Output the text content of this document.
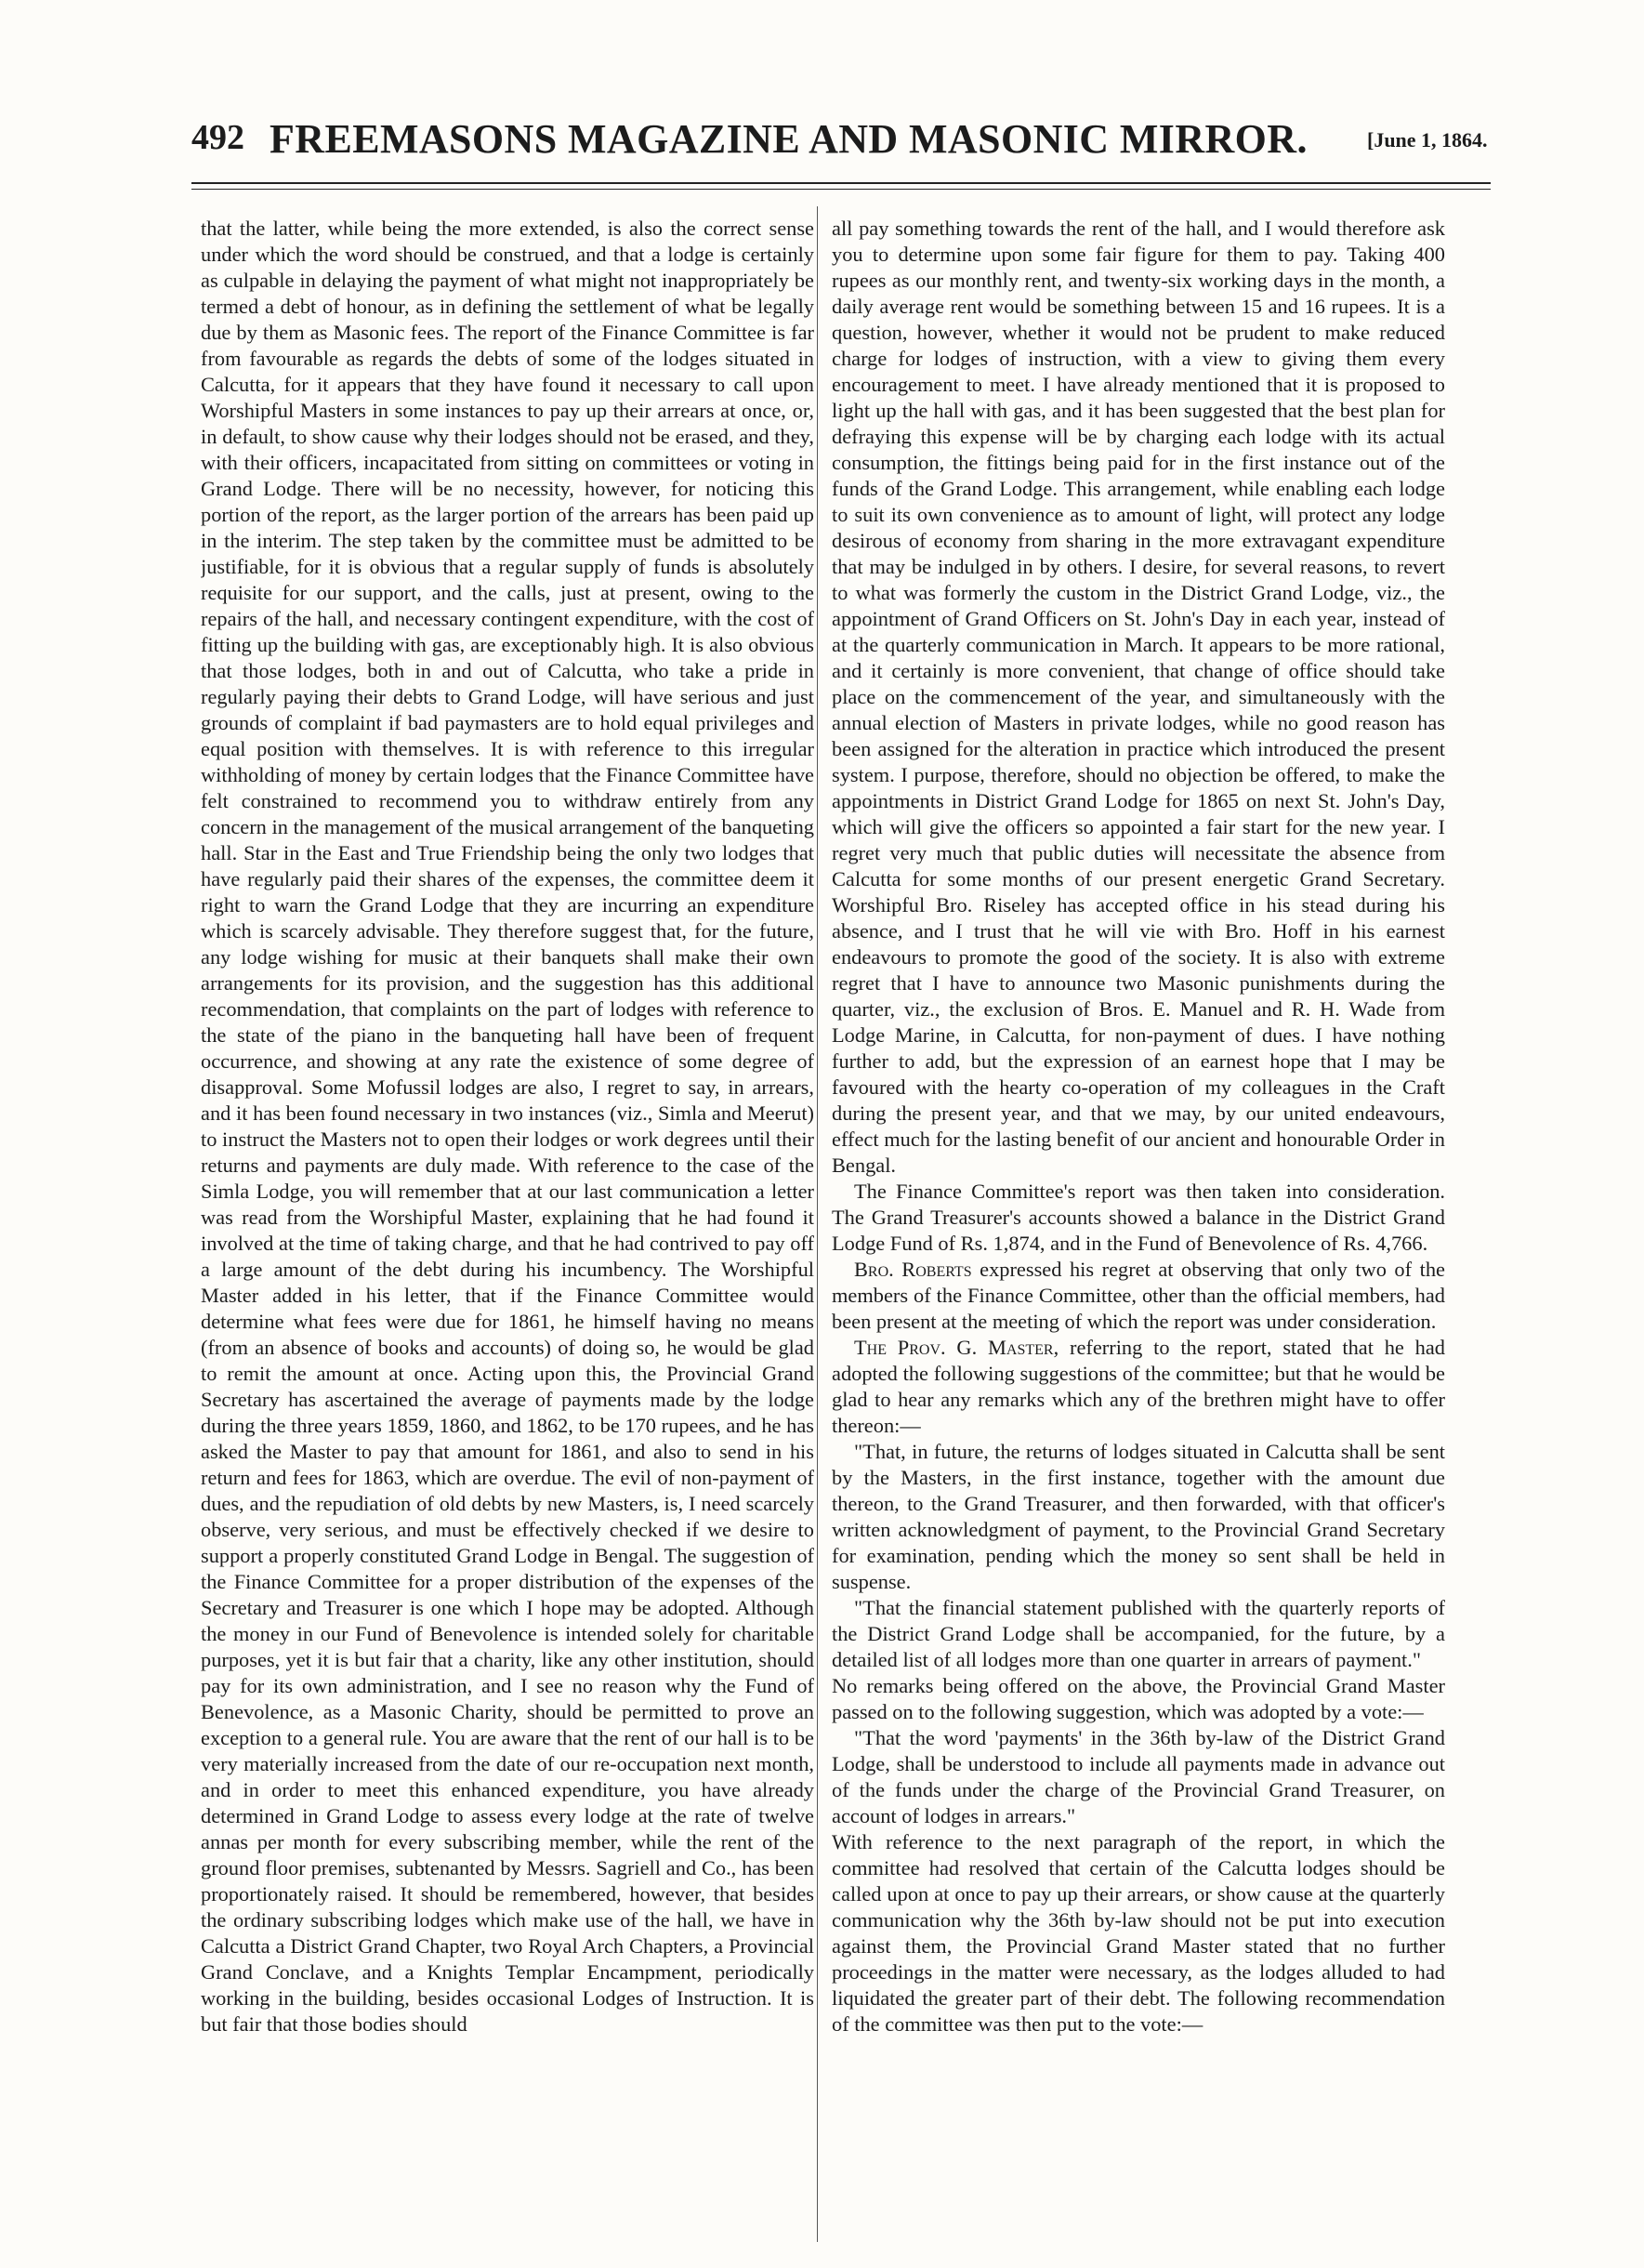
492 FREEMASONS MAGAZINE AND MASONIC MIRROR.	[June 1, 1864.

that the latter, while being the more extended, is also the correct sense under which the word should be construed, and that a lodge is certainly as culpable in delaying the payment of what might not inappropriately be termed a debt of honour, as in defining the settlement of what be legally due by them as Masonic fees. The report of the Finance Committee is far from favourable as regards the debts of some of the lodges situated in Calcutta, for it appears that they have found it necessary to call upon Worshipful Masters in some instances to pay up their arrears at once, or, in default, to show cause why their lodges should not be erased, and they, with their officers, incapacitated from sitting on committees or voting in Grand Lodge. There will be no necessity, however, for noticing this portion of the report, as the larger portion of the arrears has been paid up in the interim. The step taken by the committee must be admitted to be justifiable, for it is obvious that a regular supply of funds is absolutely requisite for our support, and the calls, just at present, owing to the repairs of the hall, and necessary contingent expenditure, with the cost of fitting up the building with gas, are exceptionably high. It is also obvious that those lodges, both in and out of Calcutta, who take a pride in regularly paying their debts to Grand Lodge, will have serious and just grounds of complaint if bad paymasters are to hold equal privileges and equal position with themselves. It is with reference to this irregular withholding of money by certain lodges that the Finance Committee have felt constrained to recommend you to withdraw entirely from any concern in the management of the musical arrangement of the banqueting hall. Star in the East and True Friendship being the only two lodges that have regularly paid their shares of the expenses, the committee deem it right to warn the Grand Lodge that they are incurring an expenditure which is scarcely advisable. They therefore suggest that, for the future, any lodge wishing for music at their banquets shall make their own arrangements for its provision, and the suggestion has this additional recommendation, that complaints on the part of lodges with reference to the state of the piano in the banqueting hall have been of frequent occurrence, and showing at any rate the existence of some degree of disapproval. Some Mofussil lodges are also, I regret to say, in arrears, and it has been found necessary in two instances (viz., Simla and Meerut) to instruct the Masters not to open their lodges or work degrees until their returns and payments are duly made. With reference to the case of the Simla Lodge, you will remember that at our last communication a letter was read from the Worshipful Master, explaining that he had found it involved at the time of taking charge, and that he had contrived to pay off a large amount of the debt during his incumbency. The Worshipful Master added in his letter, that if the Finance Committee would determine what fees were due for 1861, he himself having no means (from an absence of books and accounts) of doing so, he would be glad to remit the amount at once. Acting upon this, the Provincial Grand Secretary has ascertained the average of payments made by the lodge during the three years 1859, 1860, and 1862, to be 170 rupees, and he has asked the Master to pay that amount for 1861, and also to send in his return and fees for 1863, which are overdue. The evil of non-payment of dues, and the repudiation of old debts by new Masters, is, I need scarcely observe, very serious, and must be effectively checked if we desire to support a properly constituted Grand Lodge in Bengal. The suggestion of the Finance Committee for a proper distribution of the expenses of the Secretary and Treasurer is one which I hope may be adopted. Although the money in our Fund of Benevolence is intended solely for charitable purposes, yet it is but fair that a charity, like any other institution, should pay for its own administration, and I see no reason why the Fund of Benevolence, as a Masonic Charity, should be permitted to prove an exception to a general rule. You are aware that the rent of our hall is to be very materially increased from the date of our re-occupation next month, and in order to meet this enhanced expenditure, you have already determined in Grand Lodge to assess every lodge at the rate of twelve annas per month for every subscribing member, while the rent of the ground floor premises, subtenanted by Messrs. Sagriell and Co., has been proportionately raised. It should be remembered, however, that besides the ordinary subscribing lodges which make use of the hall, we have in Calcutta a District Grand Chapter, two Royal Arch Chapters, a Provincial Grand Conclave, and a Knights Templar Encampment, periodically working in the building, besides occasional Lodges of Instruction. It is but fair that those bodies should

all pay something towards the rent of the hall, and I would therefore ask you to determine upon some fair figure for them to pay. Taking 400 rupees as our monthly rent, and twenty-six working days in the month, a daily average rent would be something between 15 and 16 rupees. It is a question, however, whether it would not be prudent to make reduced charge for lodges of instruction, with a view to giving them every encouragement to meet. I have already mentioned that it is proposed to light up the hall with gas, and it has been suggested that the best plan for defraying this expense will be by charging each lodge with its actual consumption, the fittings being paid for in the first instance out of the funds of the Grand Lodge. This arrangement, while enabling each lodge to suit its own convenience as to amount of light, will protect any lodge desirous of economy from sharing in the more extravagant expenditure that may be indulged in by others. I desire, for several reasons, to revert to what was formerly the custom in the District Grand Lodge, viz., the appointment of Grand Officers on St. John's Day in each year, instead of at the quarterly communication in March. It appears to be more rational, and it certainly is more convenient, that change of office should take place on the commencement of the year, and simultaneously with the annual election of Masters in private lodges, while no good reason has been assigned for the alteration in practice which introduced the present system. I purpose, therefore, should no objection be offered, to make the appointments in District Grand Lodge for 1865 on next St. John's Day, which will give the officers so appointed a fair start for the new year. I regret very much that public duties will necessitate the absence from Calcutta for some months of our present energetic Grand Secretary. Worshipful Bro. Riseley has accepted office in his stead during his absence, and I trust that he will vie with Bro. Hoff in his earnest endeavours to promote the good of the society. It is also with extreme regret that I have to announce two Masonic punishments during the quarter, viz., the exclusion of Bros. E. Manuel and R. H. Wade from Lodge Marine, in Calcutta, for non-payment of dues. I have nothing further to add, but the expression of an earnest hope that I may be favoured with the hearty co-operation of my colleagues in the Craft during the present year, and that we may, by our united endeavours, effect much for the lasting benefit of our ancient and honourable Order in Bengal.

The Finance Committee's report was then taken into consideration. The Grand Treasurer's accounts showed a balance in the District Grand Lodge Fund of Rs. 1,874, and in the Fund of Benevolence of Rs. 4,766.

Bro. Roberts expressed his regret at observing that only two of the members of the Finance Committee, other than the official members, had been present at the meeting of which the report was under consideration.

The Prov. G. Master, referring to the report, stated that he had adopted the following suggestions of the committee; but that he would be glad to hear any remarks which any of the brethren might have to offer thereon:—

"That, in future, the returns of lodges situated in Calcutta shall be sent by the Masters, in the first instance, together with the amount due thereon, to the Grand Treasurer, and then forwarded, with that officer's written acknowledgment of payment, to the Provincial Grand Secretary for examination, pending which the money so sent shall be held in suspense.

"That the financial statement published with the quarterly reports of the District Grand Lodge shall be accompanied, for the future, by a detailed list of all lodges more than one quarter in arrears of payment."

No remarks being offered on the above, the Provincial Grand Master passed on to the following suggestion, which was adopted by a vote:—

"That the word 'payments' in the 36th by-law of the District Grand Lodge, shall be understood to include all payments made in advance out of the funds under the charge of the Provincial Grand Treasurer, on account of lodges in arrears."

With reference to the next paragraph of the report, in which the committee had resolved that certain of the Calcutta lodges should be called upon at once to pay up their arrears, or show cause at the quarterly communication why the 36th by-law should not be put into execution against them, the Provincial Grand Master stated that no further proceedings in the matter were necessary, as the lodges alluded to had liquidated the greater part of their debt. The following recommendation of the committee was then put to the vote:—
